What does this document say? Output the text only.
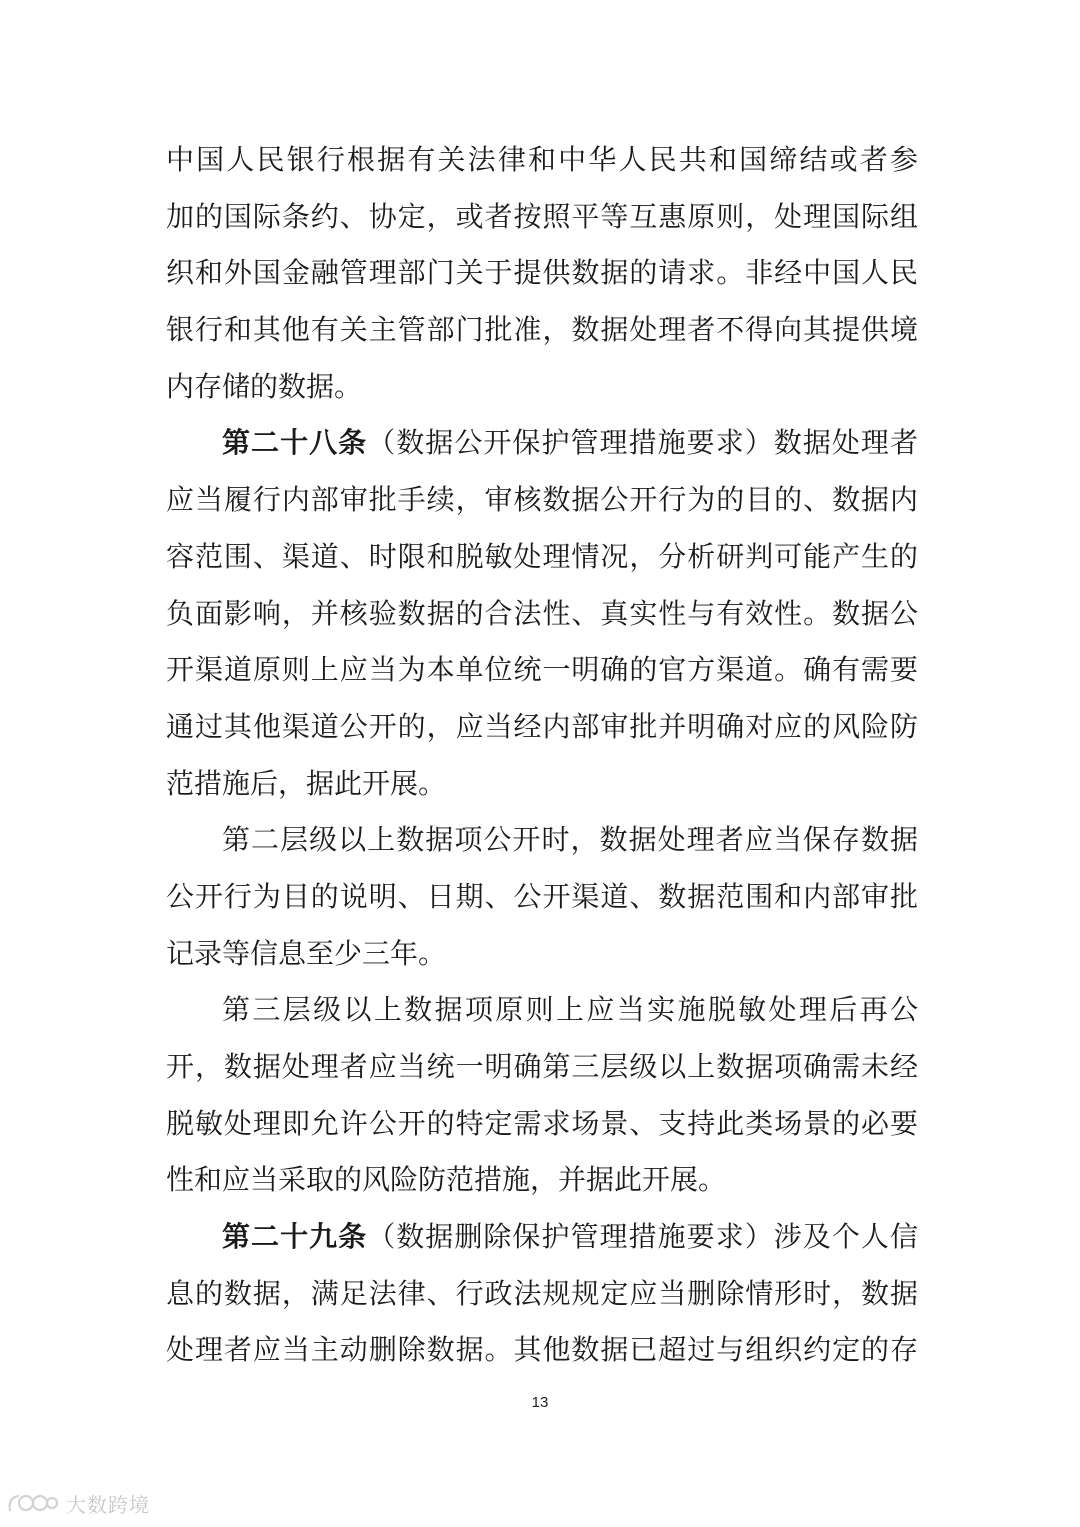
中国人民银行根据有关法律和中华人民共和国缔结或者参
加的国际条约、协定，或者按照平等互惠原则，处理国际组
织和外国金融管理部门关于提供数据的请求。非经中国人民
银行和其他有关主管部门批准，数据处理者不得向其提供境
内存储的数据。
第二十八条（数据公开保护管理措施要求）数据处理者
应当履行内部审批手续，审核数据公开行为的目的、数据内
容范围、渠道、时限和脱敏处理情况，分析研判可能产生的
负面影响，并核验数据的合法性、真实性与有效性。数据公
开渠道原则上应当为本单位统一明确的官方渠道。确有需要
通过其他渠道公开的，应当经内部审批并明确对应的风险防
范措施后，据此开展。
第二层级以上数据项公开时，数据处理者应当保存数据
公开行为目的说明、日期、公开渠道、数据范围和内部审批
记录等信息至少三年。
第三层级以上数据项原则上应当实施脱敏处理后再公
开，数据处理者应当统一明确第三层级以上数据项确需未经
脱敏处理即允许公开的特定需求场景、支持此类场景的必要
性和应当采取的风险防范措施，并据此开展。
第二十九条（数据删除保护管理措施要求）涉及个人信
息的数据，满足法律、行政法规规定应当删除情形时，数据
处理者应当主动删除数据。其他数据已超过与组织约定的存
13
大数跨境
